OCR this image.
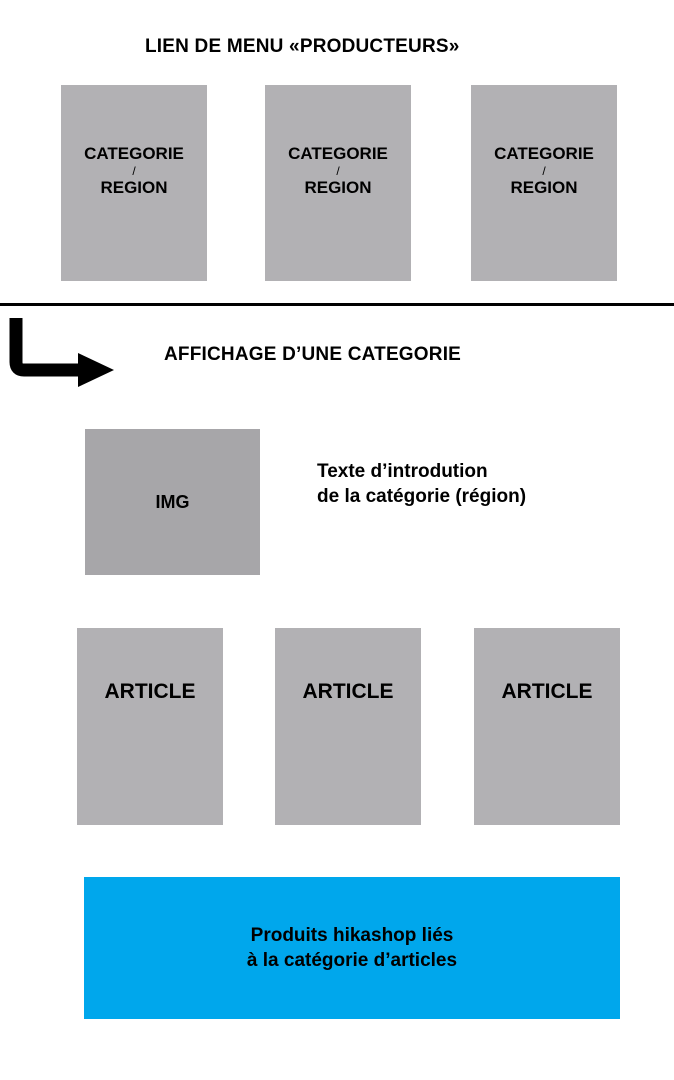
LIEN DE MENU «PRODUCTEURS»
CATEGORIE
/
REGION
CATEGORIE
/
REGION
CATEGORIE
/
REGION
AFFICHAGE D’UNE CATEGORIE
IMG
Texte d’introdution
de la catégorie (région)
ARTICLE	ARTICLE	ARTICLE
Produits hikashop liés
à la catégorie d’articles
